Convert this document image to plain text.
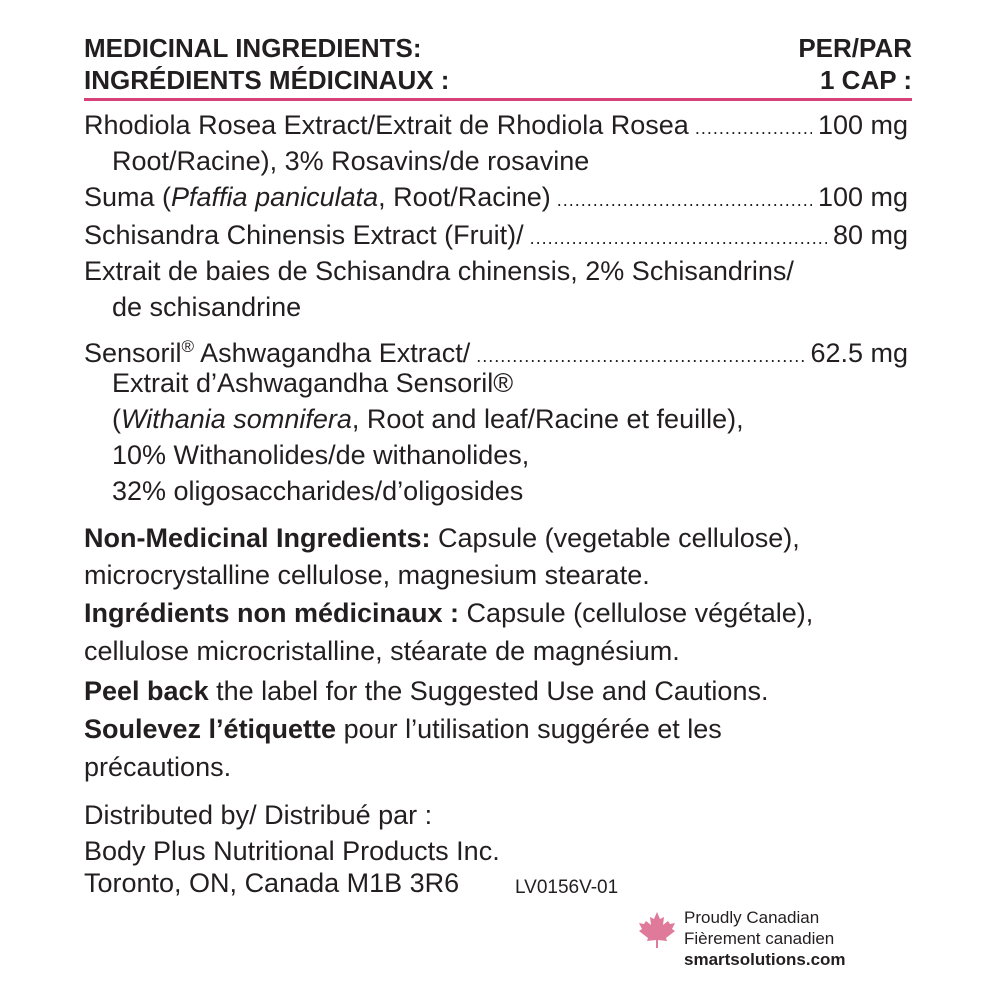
MEDICINAL INGREDIENTS:	PER/PAR
INGRÉDIENTS MÉDICINAUX :	1 CAP :
Rhodiola Rosea Extract/Extrait de Rhodiola Rosea .....	100 mg
Root/Racine), 3% Rosavins/de rosavine
Suma (Pfaffia paniculata, Root/Racine) .....	100 mg
Schisandra Chinensis Extract (Fruit)/ .....	80 mg
Extrait de baies de Schisandra chinensis, 2% Schisandrins/
de schisandrine
Sensoril® Ashwagandha Extract/ .....	62.5 mg
Extrait d’Ashwagandha Sensoril®
(Withania somnifera, Root and leaf/Racine et feuille),
10% Withanolides/de withanolides,
32% oligosaccharides/d’oligosides
Non-Medicinal Ingredients: Capsule (vegetable cellulose),
microcrystalline cellulose, magnesium stearate.
Ingrédients non médicinaux : Capsule (cellulose végétale),
cellulose microcristalline, stéarate de magnésium.
Peel back the label for the Suggested Use and Cautions.
Soulevez l’étiquette pour l’utilisation suggérée et les
précautions.
Distributed by/ Distribué par :
Body Plus Nutritional Products Inc.
Toronto, ON, Canada M1B 3R6	LV0156V-01
Proudly Canadian
Fièrement canadien
smartsolutions.com
